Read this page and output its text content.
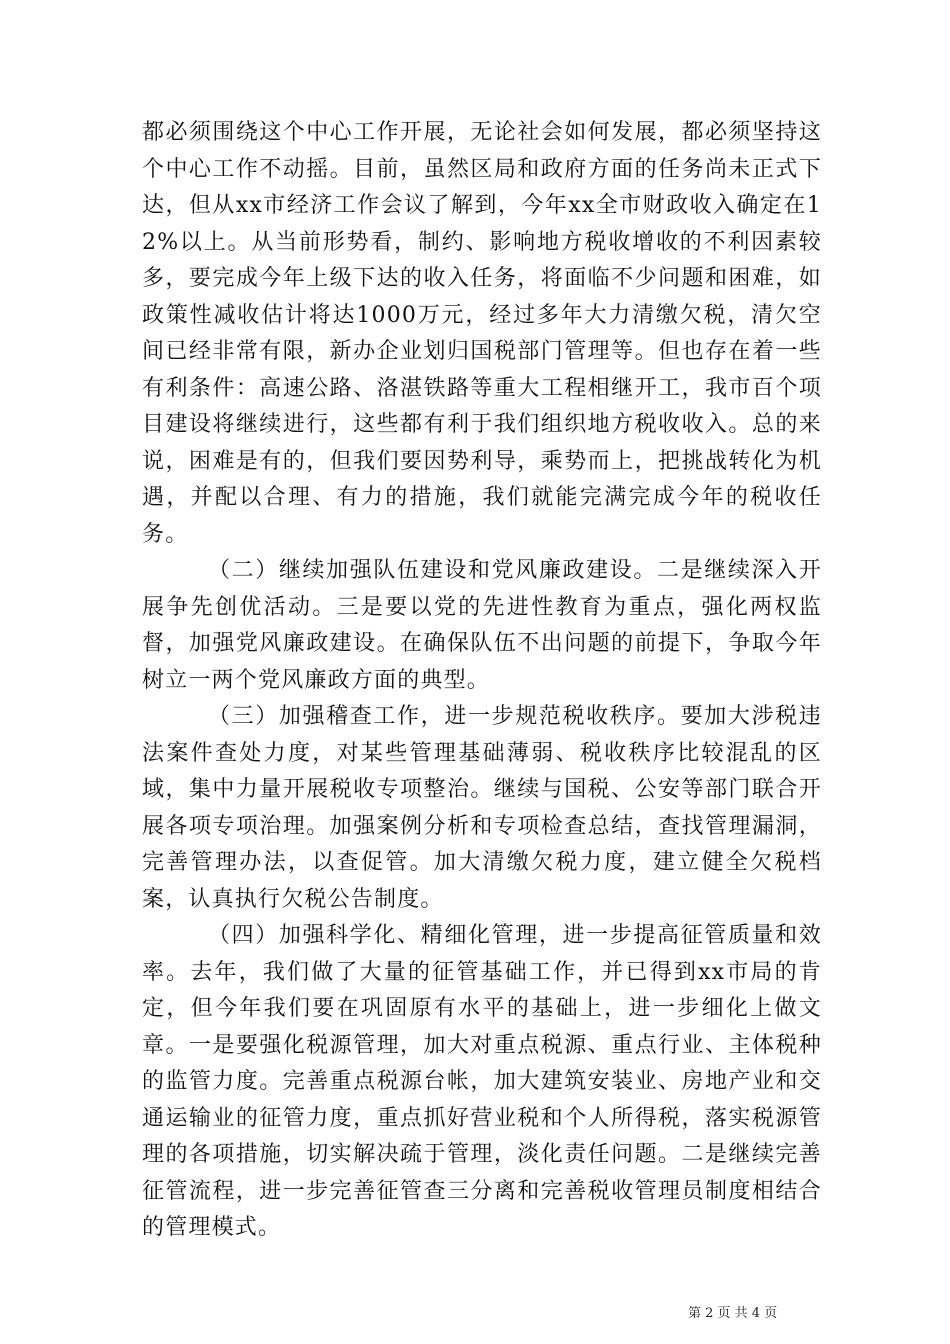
都必须围绕这个中心工作开展，无论社会如何发展，都必须坚持这个中心工作不动摇。目前，虽然区局和政府方面的任务尚未正式下达，但从xx市经济工作会议了解到，今年xx全市财政收入确定在12%以上。从当前形势看，制约、影响地方税收增收的不利因素较多，要完成今年上级下达的收入任务，将面临不少问题和困难，如政策性减收估计将达1000万元，经过多年大力清缴欠税，清欠空间已经非常有限，新办企业划归国税部门管理等。但也存在着一些有利条件：高速公路、洛湛铁路等重大工程相继开工，我市百个项目建设将继续进行，这些都有利于我们组织地方税收收入。总的来说，困难是有的，但我们要因势利导，乘势而上，把挑战转化为机遇，并配以合理、有力的措施，我们就能完满完成今年的税收任务。

（二）继续加强队伍建设和党风廉政建设。二是继续深入开展争先创优活动。三是要以党的先进性教育为重点，强化两权监督，加强党风廉政建设。在确保队伍不出问题的前提下，争取今年树立一两个党风廉政方面的典型。

（三）加强稽查工作，进一步规范税收秩序。要加大涉税违法案件查处力度，对某些管理基础薄弱、税收秩序比较混乱的区域，集中力量开展税收专项整治。继续与国税、公安等部门联合开展各项专项治理。加强案例分析和专项检查总结，查找管理漏洞，完善管理办法，以查促管。加大清缴欠税力度，建立健全欠税档案，认真执行欠税公告制度。

（四）加强科学化、精细化管理，进一步提高征管质量和效率。去年，我们做了大量的征管基础工作，并已得到xx市局的肯定，但今年我们要在巩固原有水平的基础上，进一步细化上做文章。一是要强化税源管理，加大对重点税源、重点行业、主体税种的监管力度。完善重点税源台帐，加大建筑安装业、房地产业和交通运输业的征管力度，重点抓好营业税和个人所得税，落实税源管理的各项措施，切实解决疏于管理，淡化责任问题。二是继续完善征管流程，进一步完善征管查三分离和完善税收管理员制度相结合的管理模式。

第 2 页 共 4 页
